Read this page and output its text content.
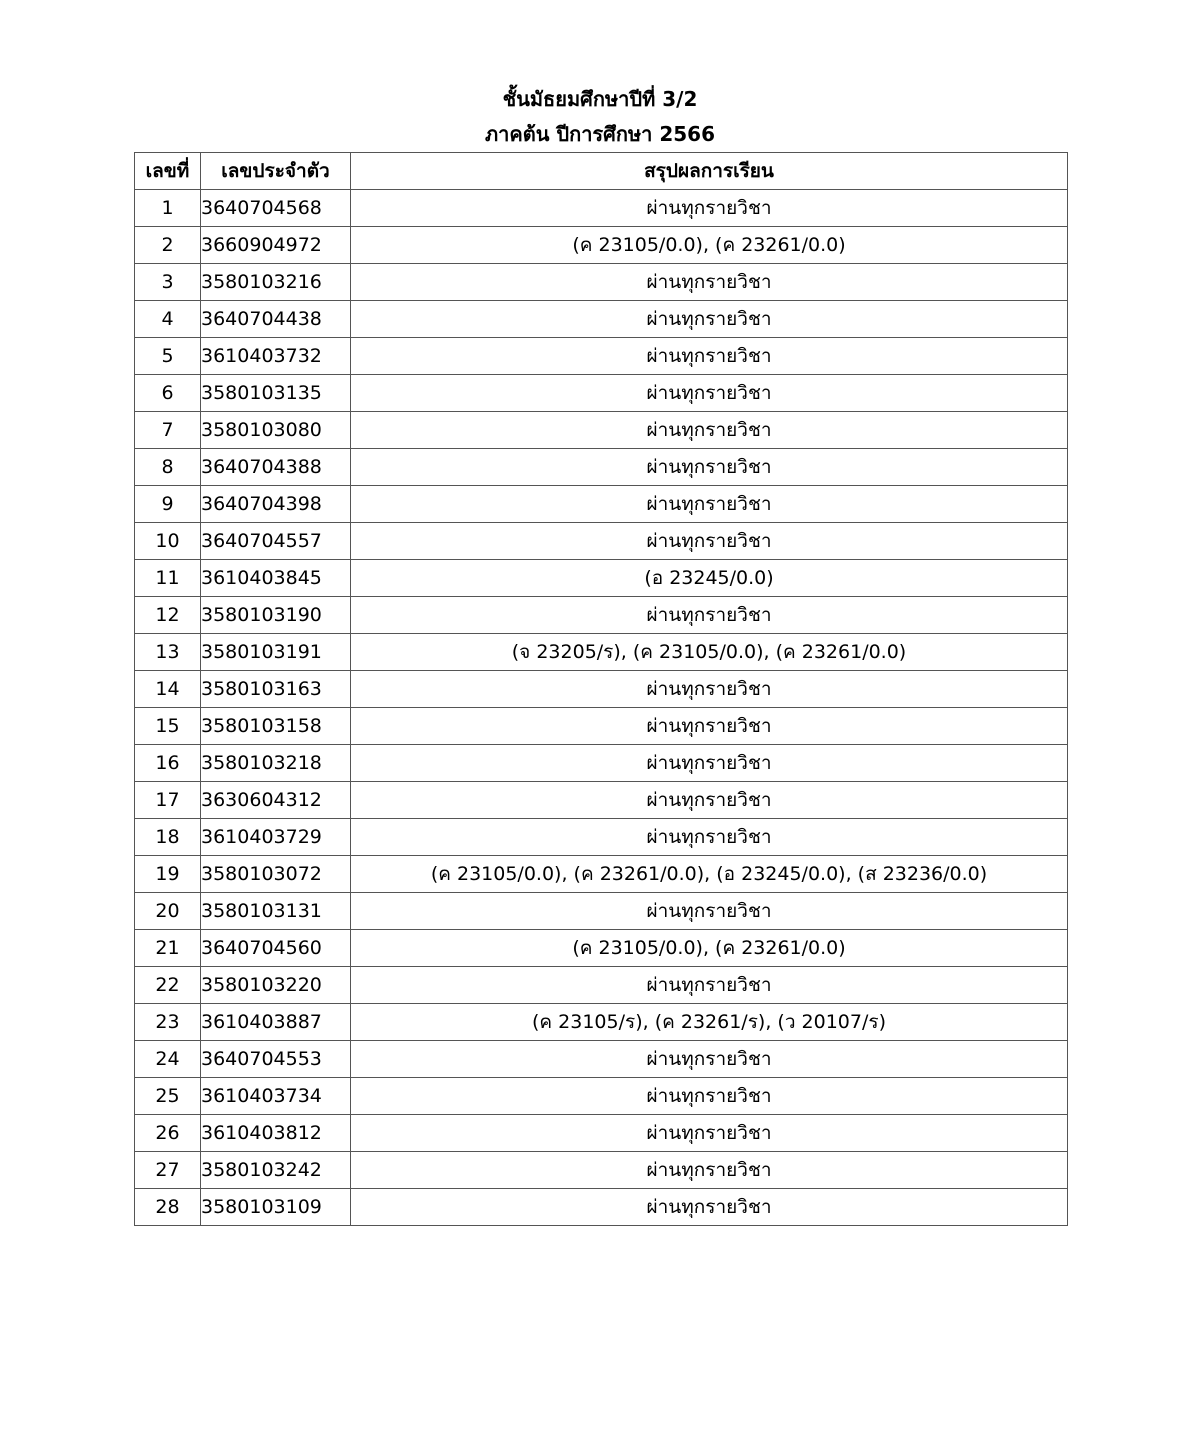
ชั้นมัธยมศึกษาปีที่ 3/2
ภาคต้น ปีการศึกษา 2566
เลขที่	เลขประจำตัว	สรุปผลการเรียน
1	3640704568	ผ่านทุกรายวิชา
2	3660904972	(ค 23105/0.0), (ค 23261/0.0)
3	3580103216	ผ่านทุกรายวิชา
4	3640704438	ผ่านทุกรายวิชา
5	3610403732	ผ่านทุกรายวิชา
6	3580103135	ผ่านทุกรายวิชา
7	3580103080	ผ่านทุกรายวิชา
8	3640704388	ผ่านทุกรายวิชา
9	3640704398	ผ่านทุกรายวิชา
10	3640704557	ผ่านทุกรายวิชา
11	3610403845	(อ 23245/0.0)
12	3580103190	ผ่านทุกรายวิชา
13	3580103191	(จ 23205/ร), (ค 23105/0.0), (ค 23261/0.0)
14	3580103163	ผ่านทุกรายวิชา
15	3580103158	ผ่านทุกรายวิชา
16	3580103218	ผ่านทุกรายวิชา
17	3630604312	ผ่านทุกรายวิชา
18	3610403729	ผ่านทุกรายวิชา
19	3580103072	(ค 23105/0.0), (ค 23261/0.0), (อ 23245/0.0), (ส 23236/0.0)
20	3580103131	ผ่านทุกรายวิชา
21	3640704560	(ค 23105/0.0), (ค 23261/0.0)
22	3580103220	ผ่านทุกรายวิชา
23	3610403887	(ค 23105/ร), (ค 23261/ร), (ว 20107/ร)
24	3640704553	ผ่านทุกรายวิชา
25	3610403734	ผ่านทุกรายวิชา
26	3610403812	ผ่านทุกรายวิชา
27	3580103242	ผ่านทุกรายวิชา
28	3580103109	ผ่านทุกรายวิชา
